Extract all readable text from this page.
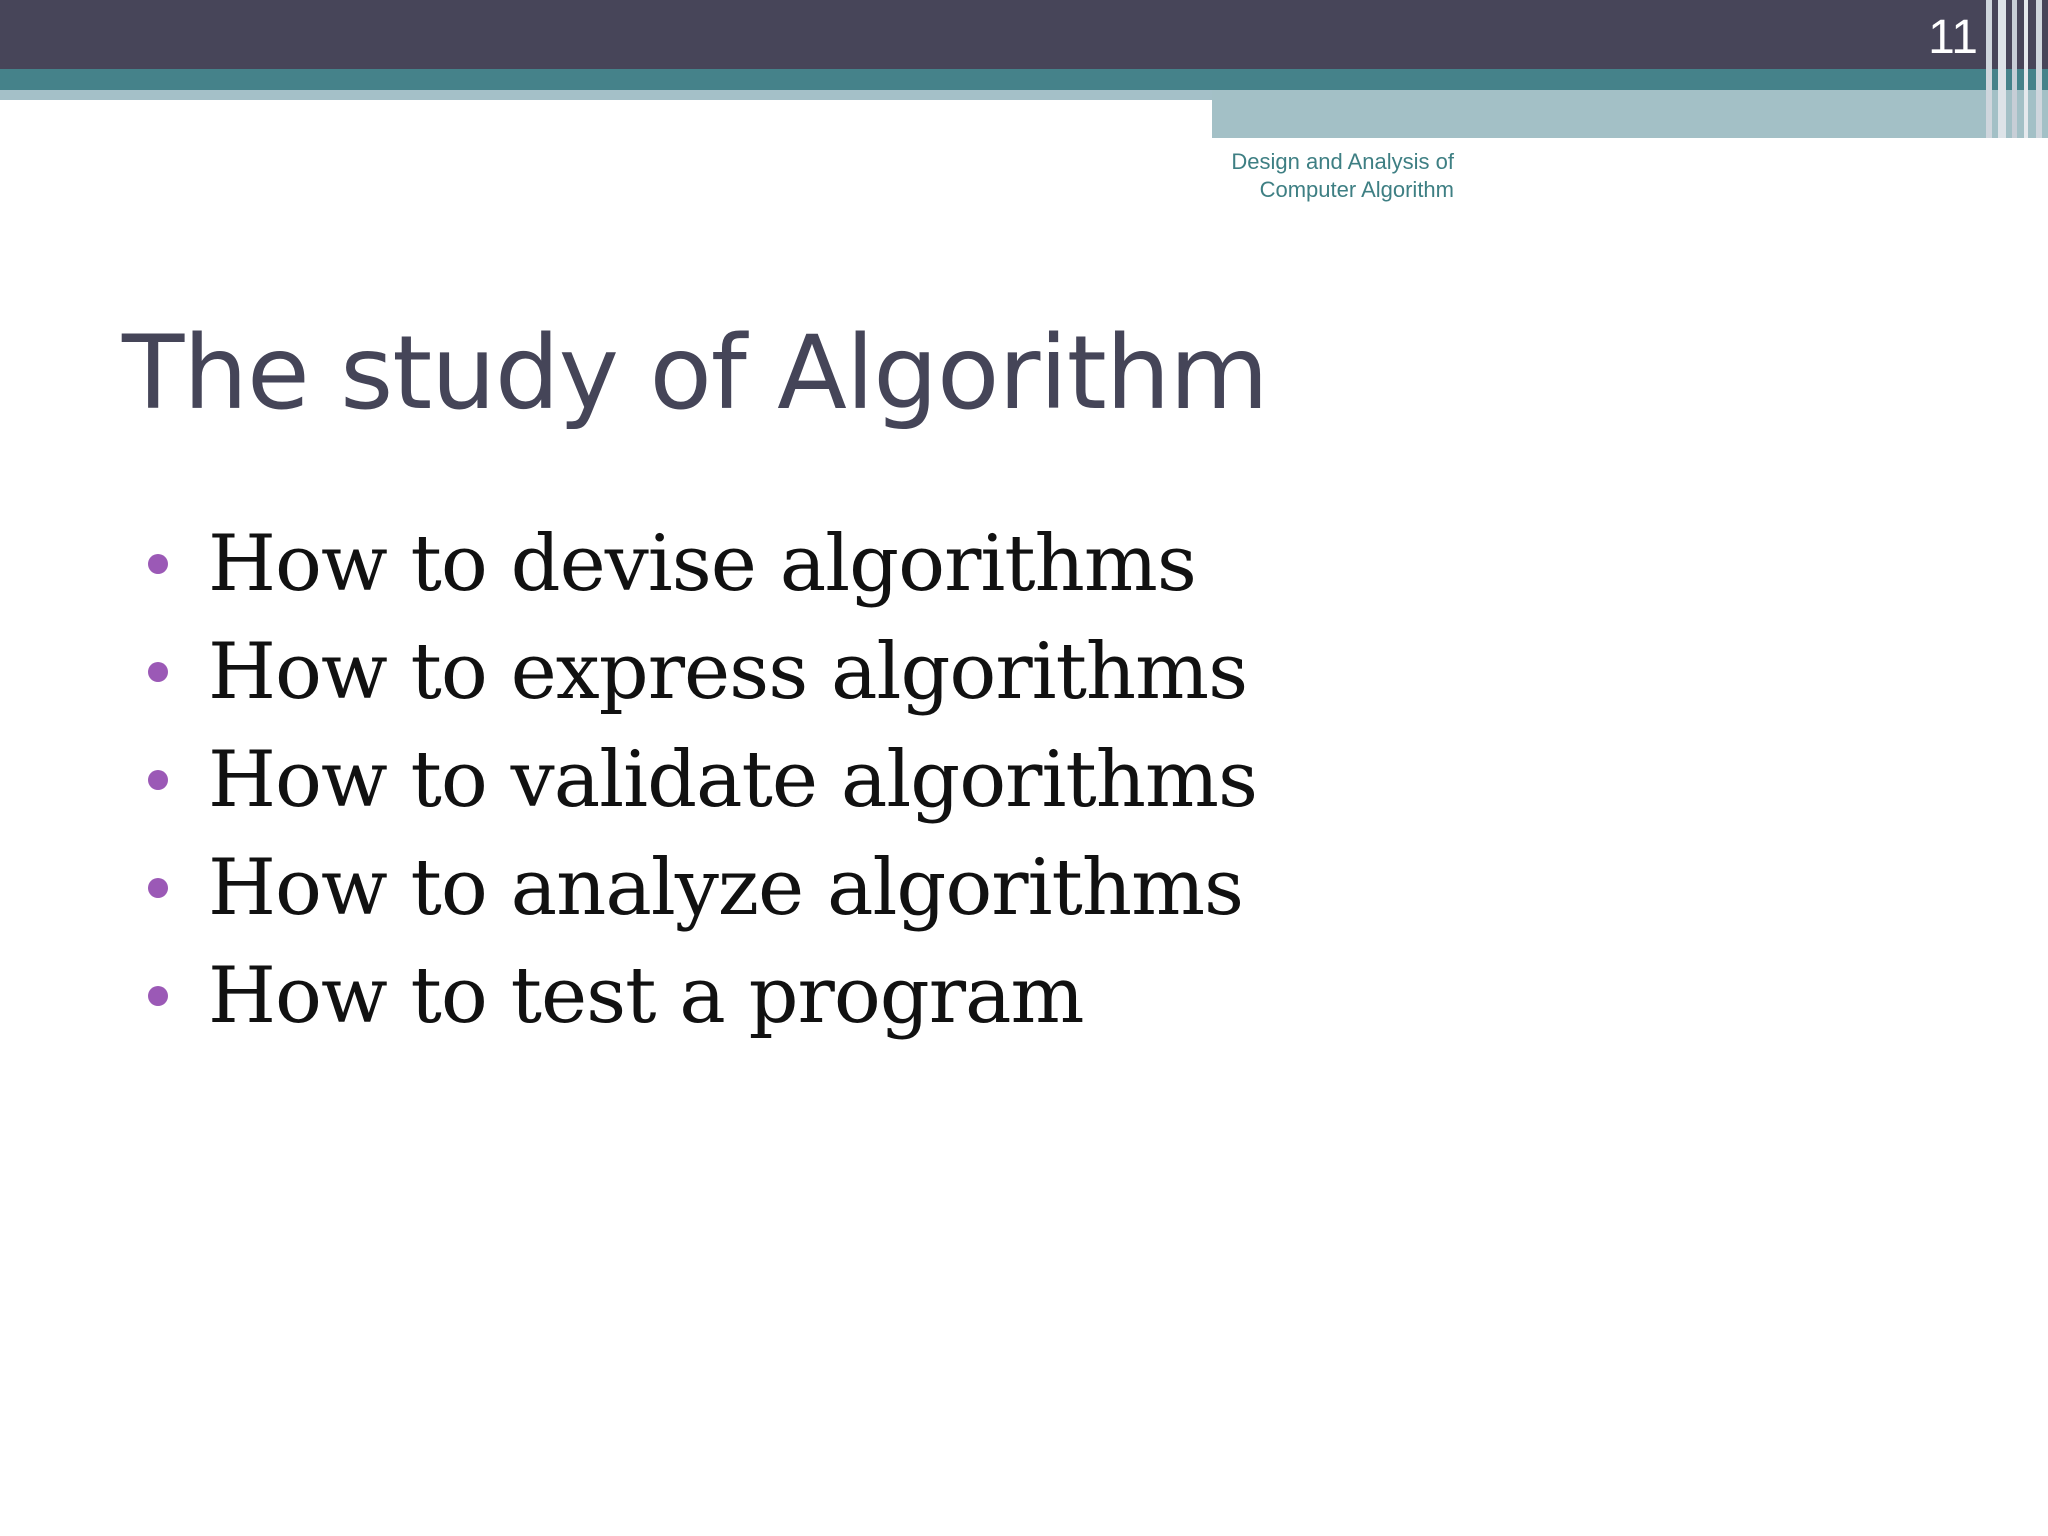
11
Design and Analysis of
Computer Algorithm
The study of Algorithm
How to devise algorithms
How to express algorithms
How to validate algorithms
How to analyze algorithms
How to test a program
